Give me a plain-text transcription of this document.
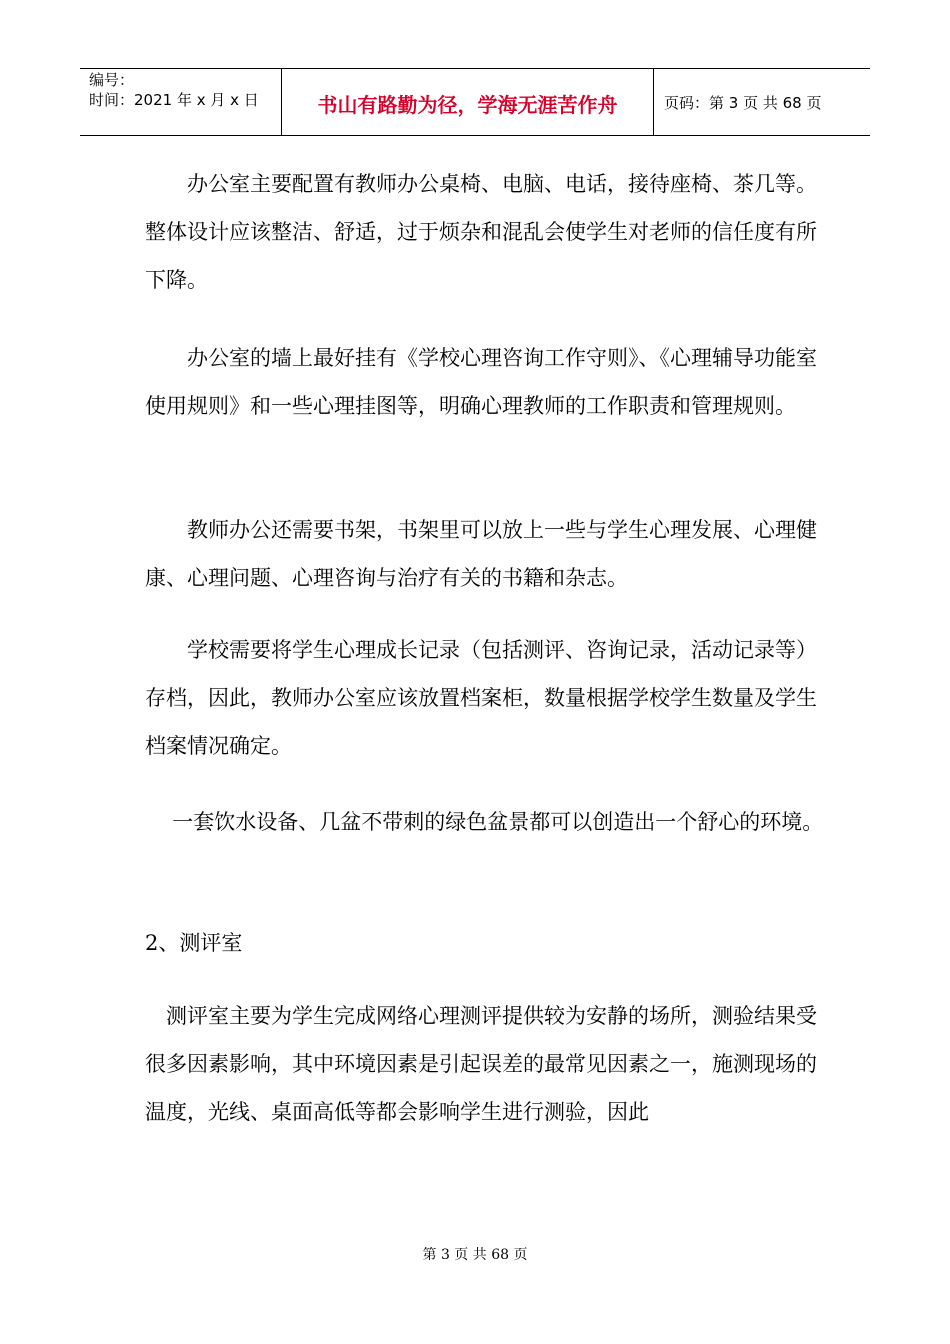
编号：
时间：2021 年 x 月 x 日	书山有路勤为径，学海无涯苦作舟	页码：第 3 页 共 68 页

办公室主要配置有教师办公桌椅、电脑、电话，接待座椅、茶几等。整体设计应该整洁、舒适，过于烦杂和混乱会使学生对老师的信任度有所下降。

办公室的墙上最好挂有《学校心理咨询工作守则》、《心理辅导功能室使用规则》和一些心理挂图等，明确心理教师的工作职责和管理规则。

教师办公还需要书架，书架里可以放上一些与学生心理发展、心理健康、心理问题、心理咨询与治疗有关的书籍和杂志。

学校需要将学生心理成长记录（包括测评、咨询记录，活动记录等）存档，因此，教师办公室应该放置档案柜，数量根据学校学生数量及学生档案情况确定。

一套饮水设备、几盆不带刺的绿色盆景都可以创造出一个舒心的环境。

2、测评室

测评室主要为学生完成网络心理测评提供较为安静的场所，测验结果受很多因素影响，其中环境因素是引起误差的最常见因素之一，施测现场的温度，光线、桌面高低等都会影响学生进行测验，因此

第 3 页 共 68 页
